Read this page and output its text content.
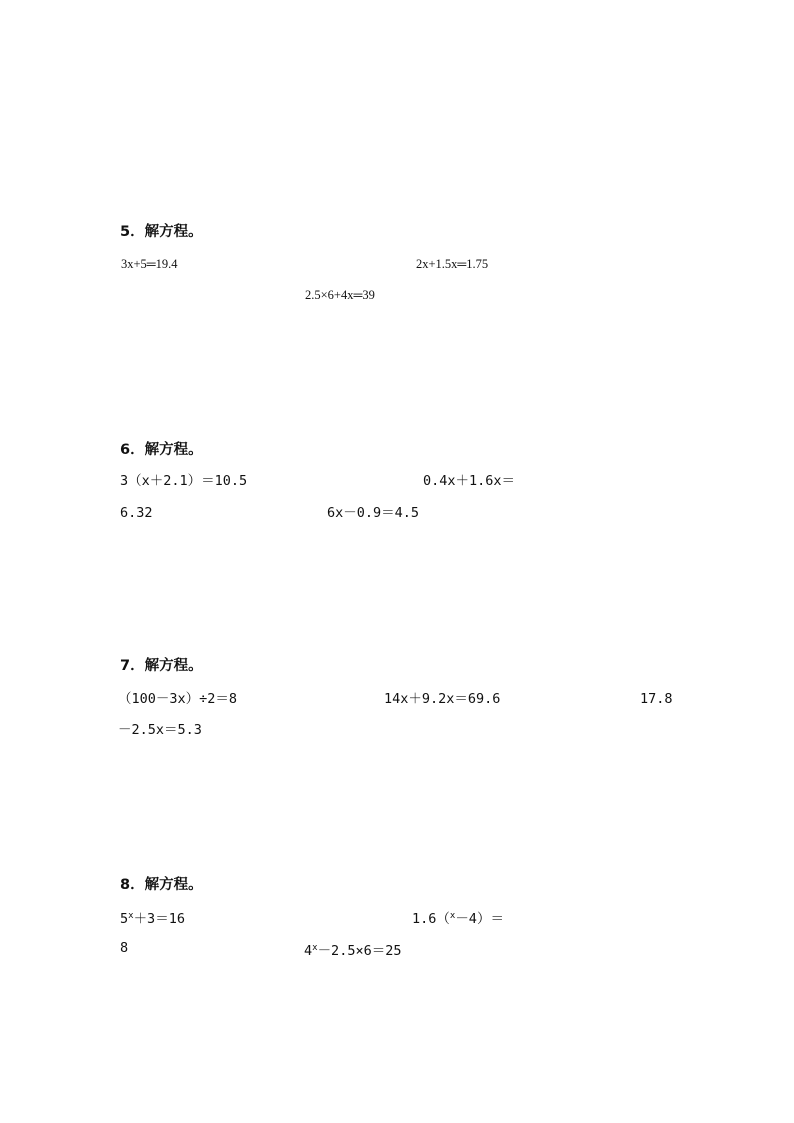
5．解方程。
3x+5═19.4	2x+1.5x═1.75
2.5×6+4x═39
6．解方程。
3（x＋2.1）＝10.5	0.4x＋1.6x＝
6.32	6x－0.9＝4.5
7．解方程。
（100－3x）÷2＝8	14x＋9.2x＝69.6	17.8
－2.5x＝5.3
8．解方程。
$5^x+3=16$	1.6（$^x$－4）＝
8	$4^x-2.5\times 6=25$
